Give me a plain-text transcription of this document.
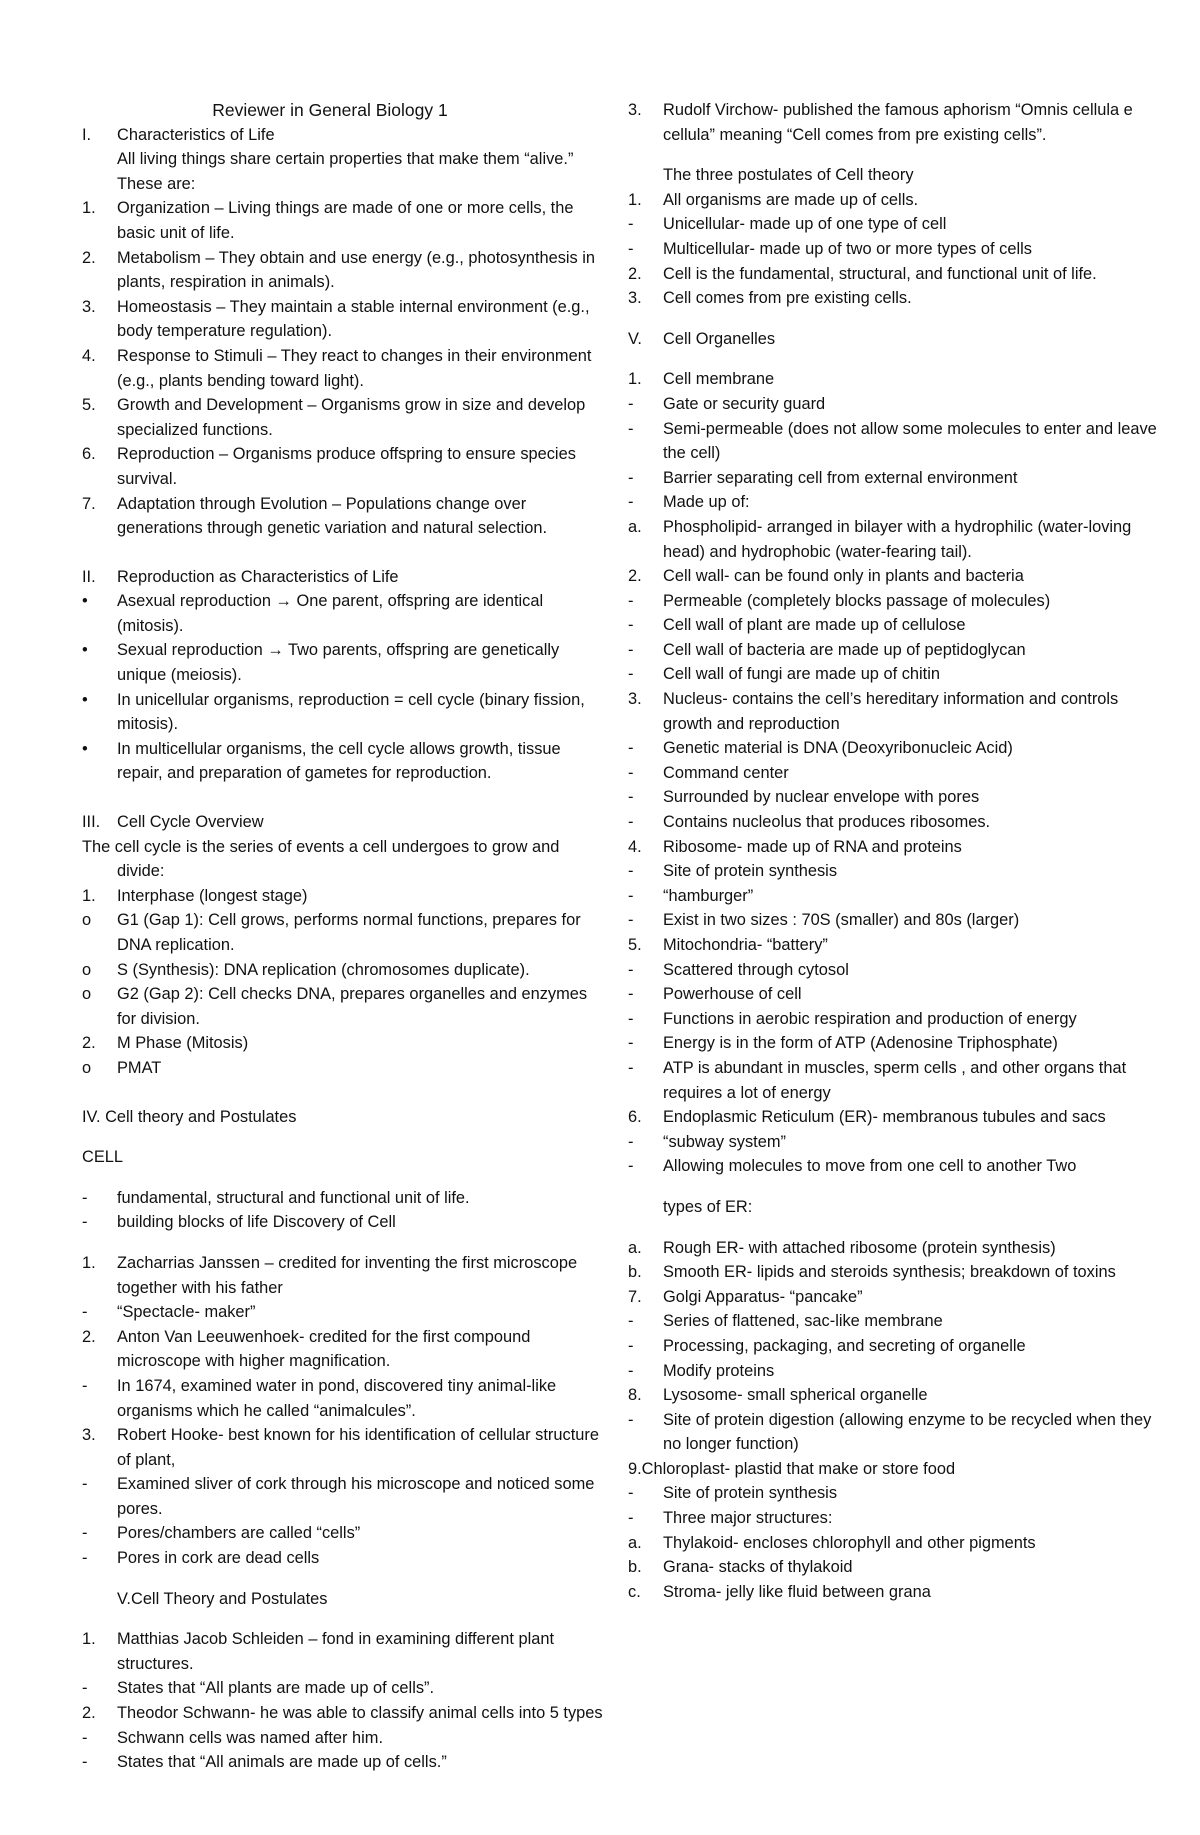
Reviewer in General Biology 1
I.	Characteristics of Life
All living things share certain properties that make them “alive.” These are:
1.	Organization – Living things are made of one or more cells, the basic unit of life.
2.	Metabolism – They obtain and use energy (e.g., photosynthesis in plants, respiration in animals).
3.	Homeostasis – They maintain a stable internal environment (e.g., body temperature regulation).
4.	Response to Stimuli – They react to changes in their environment (e.g., plants bending toward light).
5.	Growth and Development – Organisms grow in size and develop specialized functions.
6.	Reproduction – Organisms produce offspring to ensure species survival.
7.	Adaptation through Evolution – Populations change over generations through genetic variation and natural selection.
II.	Reproduction as Characteristics of Life
•	Asexual reproduction → One parent, offspring are identical (mitosis).
•	Sexual reproduction → Two parents, offspring are genetically unique (meiosis).
•	In unicellular organisms, reproduction = cell cycle (binary fission, mitosis).
•	In multicellular organisms, the cell cycle allows growth, tissue repair, and preparation of gametes for reproduction.
III.	Cell Cycle Overview
The cell cycle is the series of events a cell undergoes to grow and
divide:
1.	Interphase (longest stage)
o	G1 (Gap 1): Cell grows, performs normal functions, prepares for DNA replication.
o	S (Synthesis): DNA replication (chromosomes duplicate).
o	G2 (Gap 2): Cell checks DNA, prepares organelles and enzymes for division.
2.	M Phase (Mitosis)
o	PMAT
IV. Cell theory and Postulates
CELL
-	fundamental, structural and functional unit of life.
-	building blocks of life Discovery of Cell
1.	Zacharrias Janssen – credited for inventing the first microscope together with his father
-	“Spectacle- maker”
2.	Anton Van Leeuwenhoek- credited for the first compound microscope with higher magnification.
-	In 1674, examined water in pond, discovered tiny animal-like organisms which he called “animalcules”.
3.	Robert Hooke- best known for his identification of cellular structure of plant,
-	Examined sliver of cork through his microscope and noticed some pores.
-	Pores/chambers are called “cells”
-	Pores in cork are dead cells
V.Cell Theory and Postulates
1.	Matthias Jacob Schleiden – fond in examining different plant structures.
-	States that “All plants are made up of cells”.
2.	Theodor Schwann- he was able to classify animal cells into 5 types
-	Schwann cells was named after him.
-	States that “All animals are made up of cells.”
3.	Rudolf Virchow- published the famous aphorism “Omnis cellula e cellula” meaning “Cell comes from pre existing cells”.
The three postulates of Cell theory
1.	All organisms are made up of cells.
-	Unicellular- made up of one type of cell
-	Multicellular- made up of two or more types of cells
2.	Cell is the fundamental, structural, and functional unit of life.
3.	Cell comes from pre existing cells.
V.	Cell Organelles
1.	Cell membrane
-	Gate or security guard
-	Semi-permeable (does not allow some molecules to enter and leave the cell)
-	Barrier separating cell from external environment
-	Made up of:
a.	Phospholipid- arranged in bilayer with a hydrophilic (water-loving head) and hydrophobic (water-fearing tail).
2.	Cell wall- can be found only in plants and bacteria
-	Permeable (completely blocks passage of molecules)
-	Cell wall of plant are made up of cellulose
-	Cell wall of bacteria are made up of peptidoglycan
-	Cell wall of fungi are made up of chitin
3.	Nucleus- contains the cell’s hereditary information and controls growth and reproduction
-	Genetic material is DNA (Deoxyribonucleic Acid)
-	Command center
-	Surrounded by nuclear envelope with pores
-	Contains nucleolus that produces ribosomes.
4.	Ribosome- made up of RNA and proteins
-	Site of protein synthesis
-	“hamburger”
-	Exist in two sizes : 70S (smaller) and 80s (larger)
5.	Mitochondria- “battery”
-	Scattered through cytosol
-	Powerhouse of cell
-	Functions in aerobic respiration and production of energy
-	Energy is in the form of ATP (Adenosine Triphosphate)
-	ATP is abundant in muscles, sperm cells , and other organs that requires a lot of energy
6.	Endoplasmic Reticulum (ER)- membranous tubules and sacs
-	“subway system”
-	Allowing molecules to move from one cell to another Two
types of ER:
a.	Rough ER- with attached ribosome (protein synthesis)
b.	Smooth ER- lipids and steroids synthesis; breakdown of toxins
7.	Golgi Apparatus- “pancake”
-	Series of flattened, sac-like membrane
-	Processing, packaging, and secreting of organelle
-	Modify proteins
8.	Lysosome- small spherical organelle
-	Site of protein digestion (allowing enzyme to be recycled when they no longer function)
9.Chloroplast- plastid that make or store food
-	Site of protein synthesis
-	Three major structures:
a.	Thylakoid- encloses chlorophyll and other pigments
b.	Grana- stacks of thylakoid
c.	Stroma- jelly like fluid between grana
